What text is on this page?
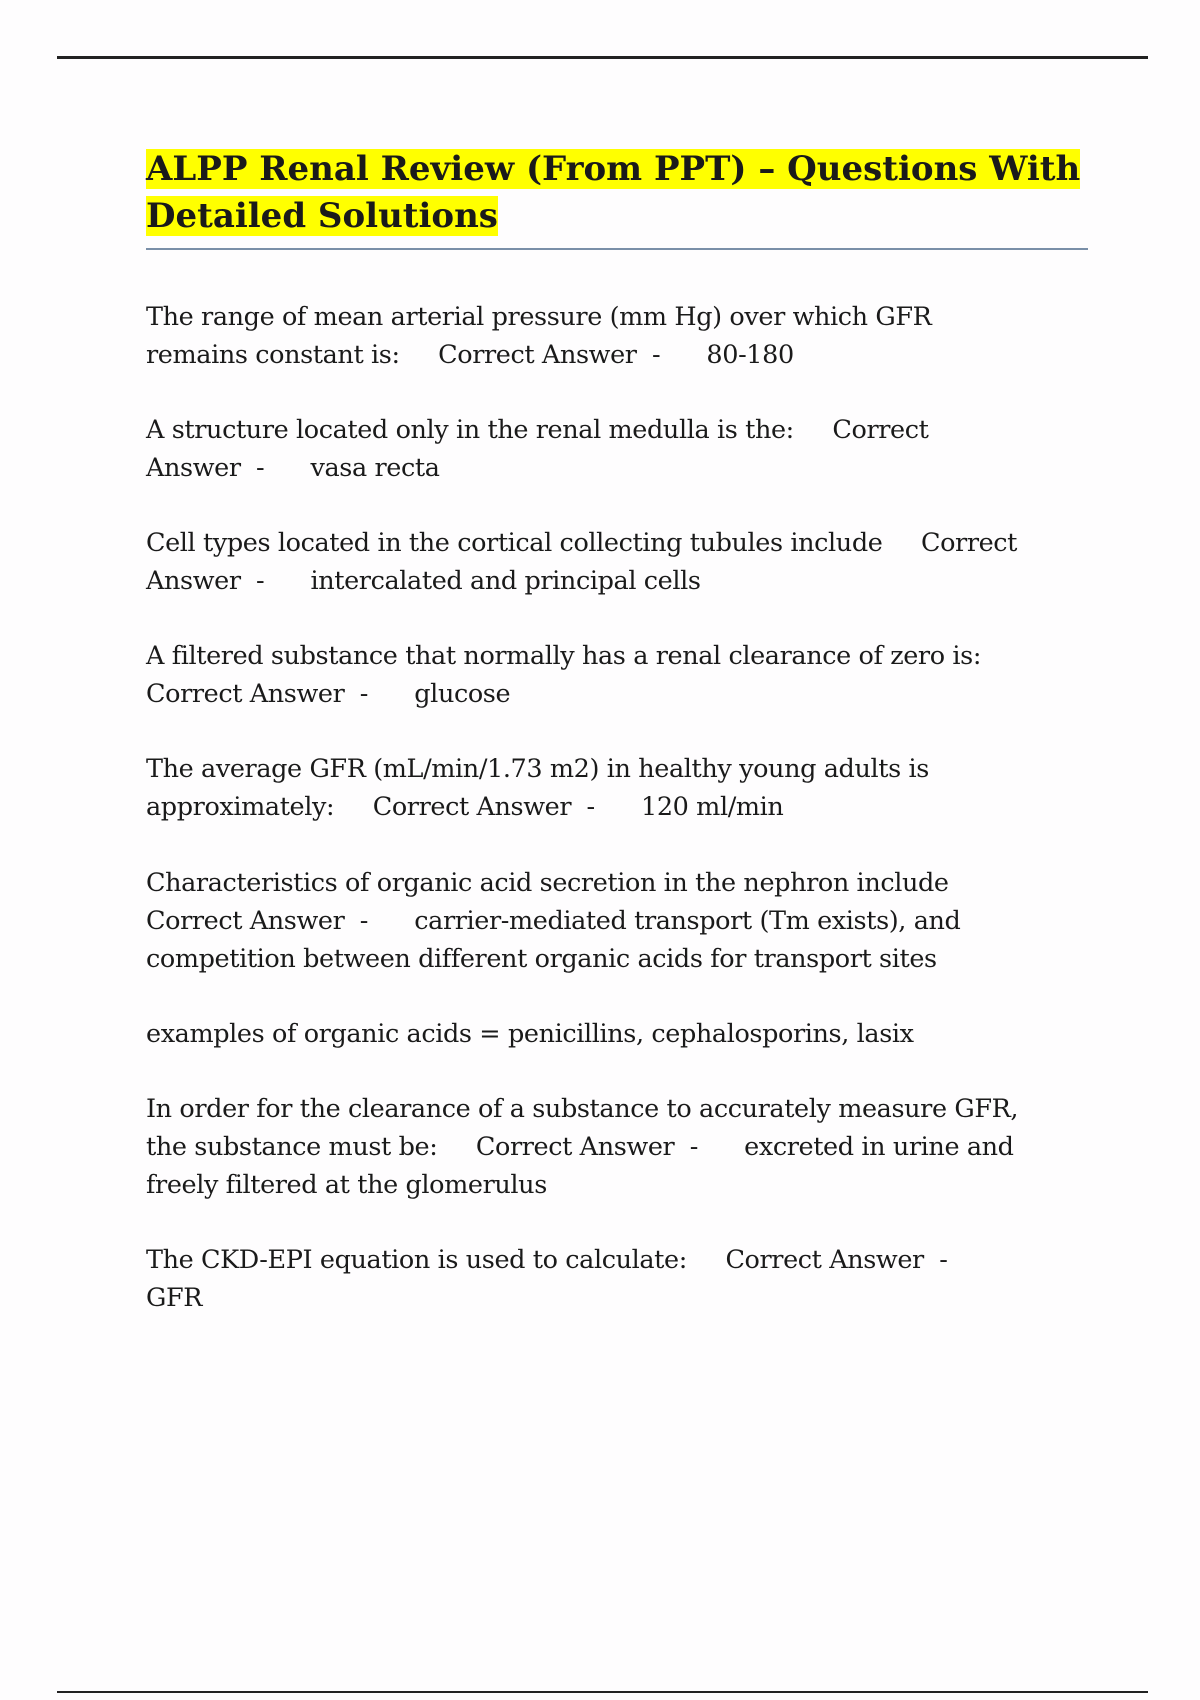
ALPP Renal Review (From PPT) – Questions With
Detailed Solutions
The range of mean arterial pressure (mm Hg) over which GFR
remains constant is:     Correct Answer  -      80-180
A structure located only in the renal medulla is the:     Correct
Answer  -      vasa recta
Cell types located in the cortical collecting tubules include     Correct
Answer  -      intercalated and principal cells
A filtered substance that normally has a renal clearance of zero is:
Correct Answer  -      glucose
The average GFR (mL/min/1.73 m2) in healthy young adults is
approximately:     Correct Answer  -      120 ml/min
Characteristics of organic acid secretion in the nephron include
Correct Answer  -      carrier-mediated transport (Tm exists), and
competition between different organic acids for transport sites
examples of organic acids = penicillins, cephalosporins, lasix
In order for the clearance of a substance to accurately measure GFR,
the substance must be:     Correct Answer  -      excreted in urine and
freely filtered at the glomerulus
The CKD-EPI equation is used to calculate:     Correct Answer  -
GFR
